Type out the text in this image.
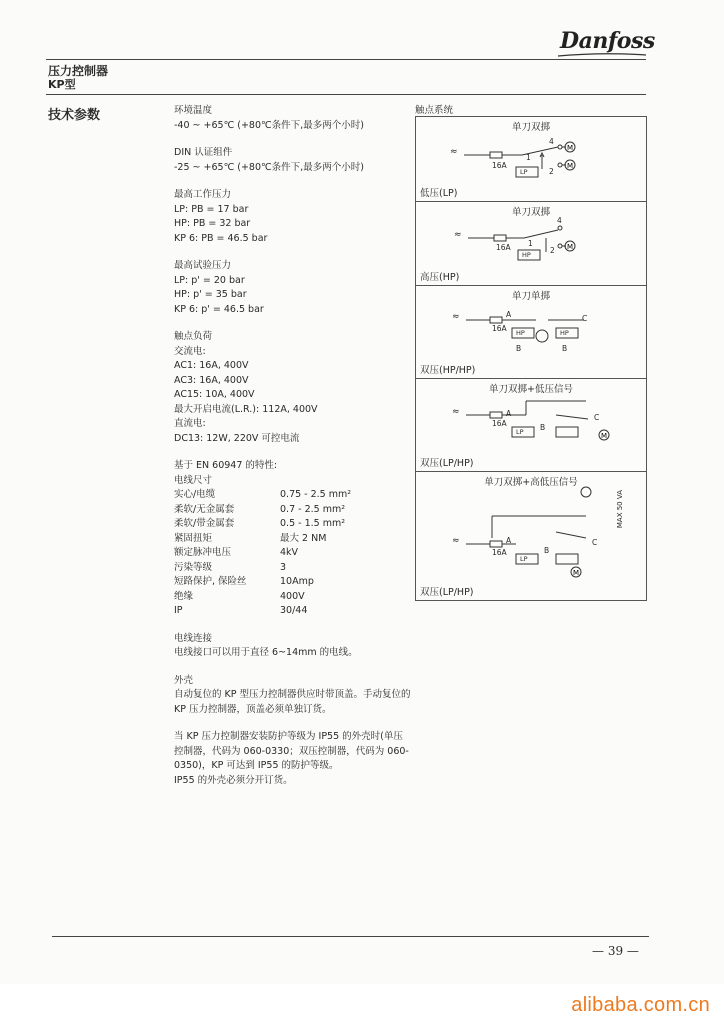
Danfoss
压力控制器
KP型
技术参数	环境温度
-40 ~ +65℃ (+80℃条件下,最多两个小时)
DIN 认证组件
-25 ~ +65℃ (+80℃条件下,最多两个小时)
最高工作压力
LP: PB = 17 bar
HP: PB = 32 bar
KP 6: PB = 46.5 bar
最高试验压力
LP: p' = 20 bar
HP: p' = 35 bar
KP 6: p' = 46.5 bar
触点负荷
交流电:
AC1: 16A, 400V
AC3: 16A, 400V
AC15: 10A, 400V
最大开启电流(L.R.): 112A, 400V
直流电:
DC13: 12W, 220V 可控电流
基于 EN 60947 的特性:
电线尺寸
实心/电缆	0.75 - 2.5 mm²
柔软/无金属套	0.7 - 2.5 mm²
柔软/带金属套	0.5 - 1.5 mm²
紧固扭矩	最大 2 NM
额定脉冲电压	4kV
污染等级	3
短路保护, 保险丝	10Amp
绝缘	400V
IP	30/44
电线连接
电线接口可以用于直径 6~14mm 的电线。
外壳
自动复位的 KP 型压力控制器供应时带顶盖。手动复位的 KP 压力控制器，顶盖必须单独订货。
当 KP 压力控制器安装防护等级为 IP55 的外壳时(单压控制器，代码为 060-0330；双压控制器，代码为 060-0350)，KP 可达到 IP55 的防护等级。
IP55 的外壳必须分开订货。
触点系统
单刀双掷
M
M
≈
16A
4
1
2
LP
低压(LP)
单刀双掷
M
≈
16A
4
1
2
HP
高压(HP)
单刀单掷
≈
16A
A	C
B	B
HP	HP
双压(HP/HP)
单刀双掷+低压信号
M
≈
16A
A
B
C
LP
双压(LP/HP)
单刀双掷+高低压信号
M
MAX 50 VA
≈
16A
A
B
C
LP
双压(LP/HP)
— 39 —
alibaba.com.cn
